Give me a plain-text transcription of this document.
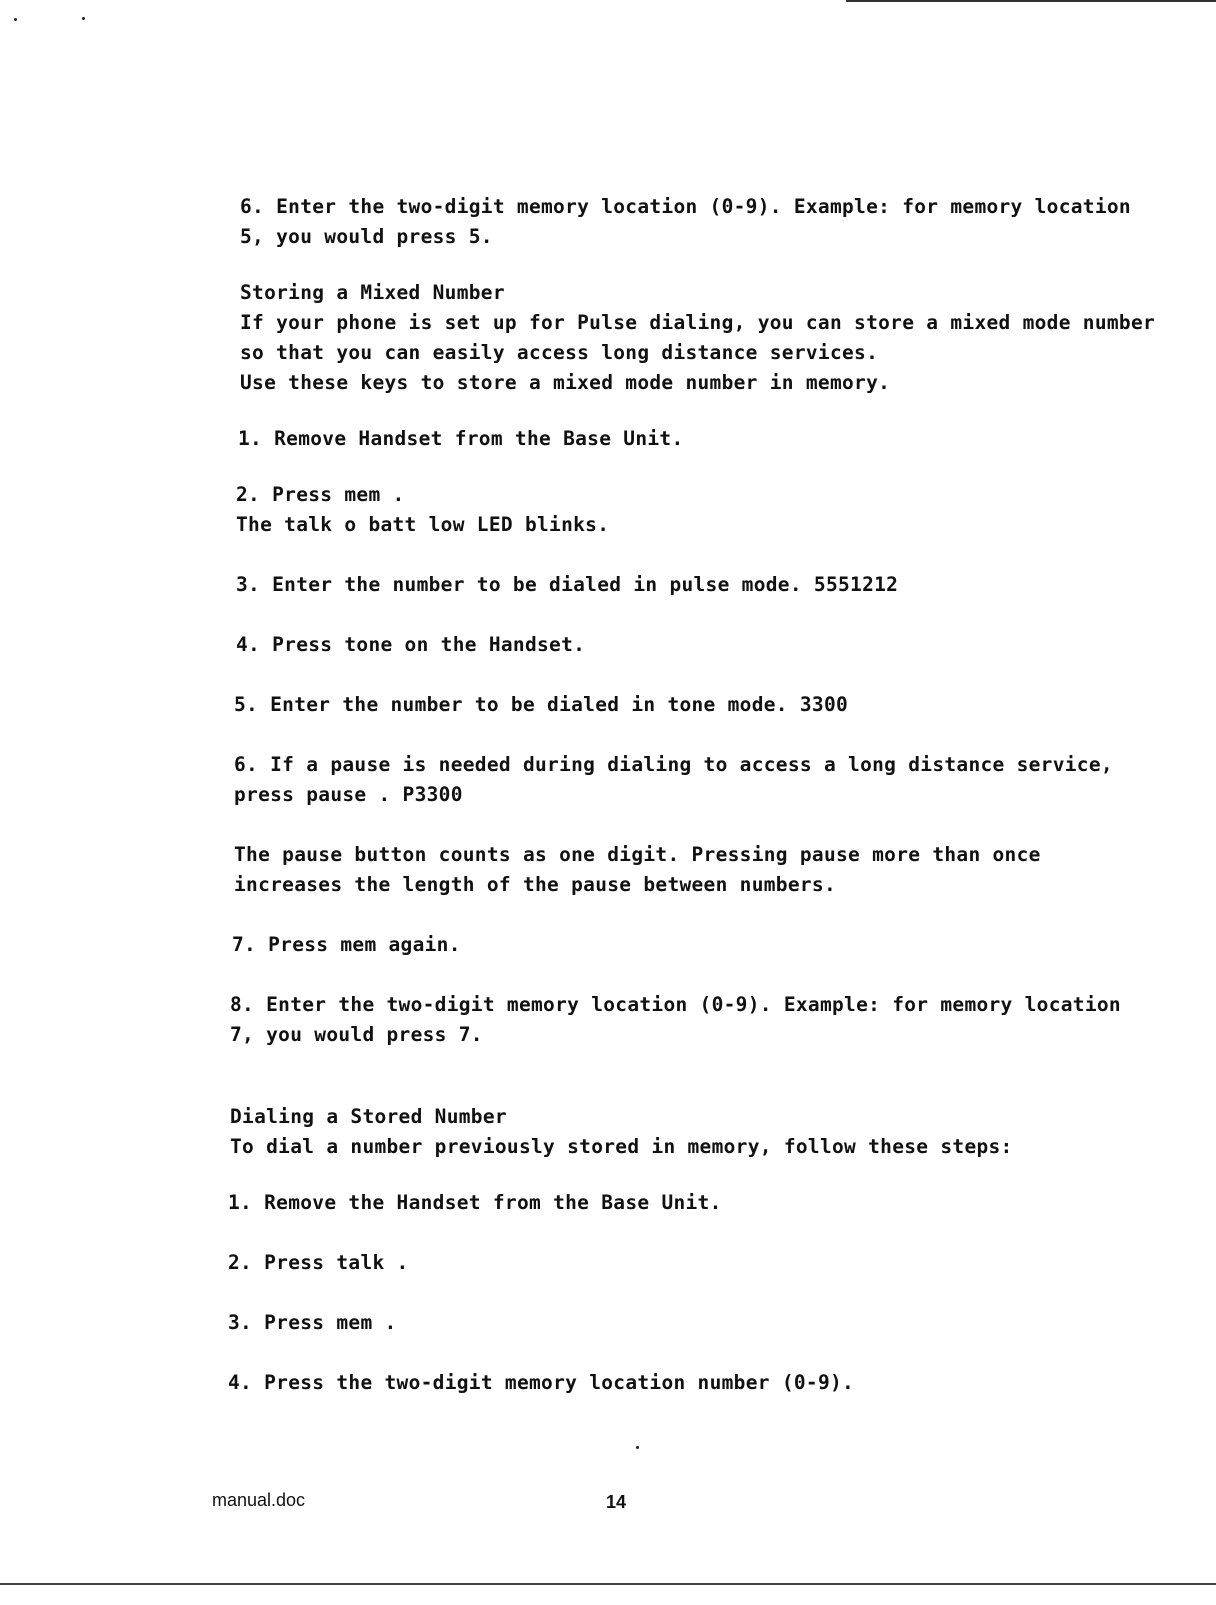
6. Enter the two-digit memory location (0-9). Example: for memory location

5, you would press 5.

Storing a Mixed Number

If your phone is set up for Pulse dialing, you can store a mixed mode number

so that you can easily access long distance services.

Use these keys to store a mixed mode number in memory.

1. Remove Handset from the Base Unit.

2. Press mem .

The talk o batt low LED blinks.

3. Enter the number to be dialed in pulse mode. 5551212

4. Press tone on the Handset.

5. Enter the number to be dialed in tone mode. 3300

6. If a pause is needed during dialing to access a long distance service,

press pause . P3300

The pause button counts as one digit. Pressing pause more than once

increases the length of the pause between numbers.

7. Press mem again.

8. Enter the two-digit memory location (0-9). Example: for memory location

7, you would press 7.

Dialing a Stored Number

To dial a number previously stored in memory, follow these steps:

1. Remove the Handset from the Base Unit.

2. Press talk .

3. Press mem .

4. Press the two-digit memory location number (0-9).

manual.doc	14
